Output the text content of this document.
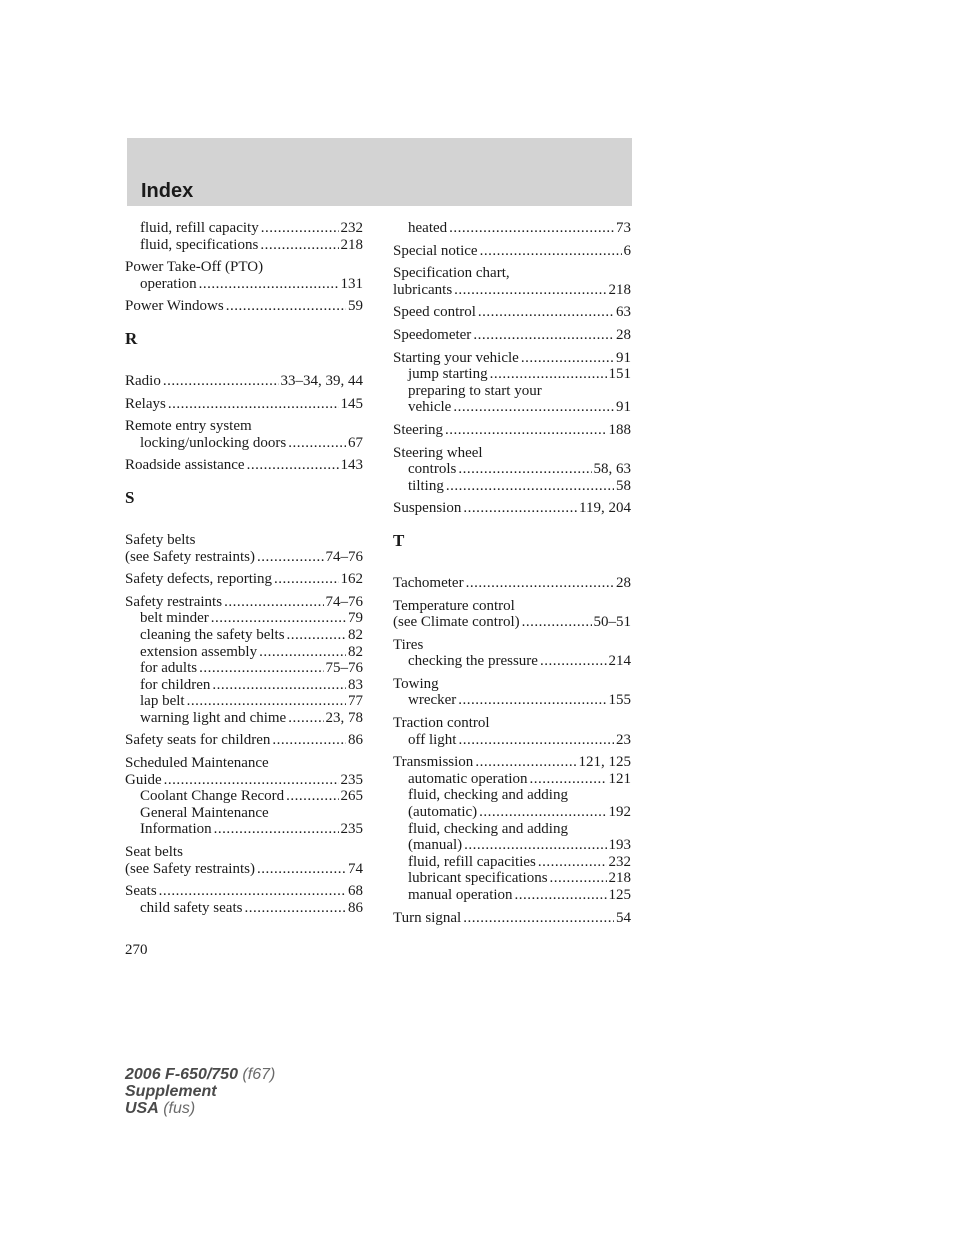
Index
fluid, refill capacity .....	232
fluid, specifications .....	218
Power Take-Off (PTO)
operation .....	131
Power Windows .....	59
R
Radio .....	33–34, 39, 44
Relays .....	145
Remote entry system
locking/unlocking doors .....	67
Roadside assistance .....	143
S
Safety belts
(see Safety restraints) .....	74–76
Safety defects, reporting .....	162
Safety restraints .....	74–76
belt minder .....	79
cleaning the safety belts .....	82
extension assembly .....	82
for adults .....	75–76
for children .....	83
lap belt .....	77
warning light and chime .....	23, 78
Safety seats for children .....	86
Scheduled Maintenance
Guide .....	235
Coolant Change Record .....	265
General Maintenance
Information .....	235
Seat belts
(see Safety restraints) .....	74
Seats .....	68
child safety seats .....	86
heated .....	73
Special notice .....	6
Specification chart,
lubricants .....	218
Speed control .....	63
Speedometer .....	28
Starting your vehicle .....	91
jump starting .....	151
preparing to start your
vehicle .....	91
Steering .....	188
Steering wheel
controls .....	58, 63
tilting .....	58
Suspension .....	119, 204
T
Tachometer .....	28
Temperature control
(see Climate control) .....	50–51
Tires
checking the pressure .....	214
Towing
wrecker .....	155
Traction control
off light .....	23
Transmission .....	121, 125
automatic operation .....	121
fluid, checking and adding
(automatic) .....	192
fluid, checking and adding
(manual) .....	193
fluid, refill capacities .....	232
lubricant specifications .....	218
manual operation .....	125
Turn signal .....	54
270
2006 F-650/750 (f67)
Supplement
USA (fus)
